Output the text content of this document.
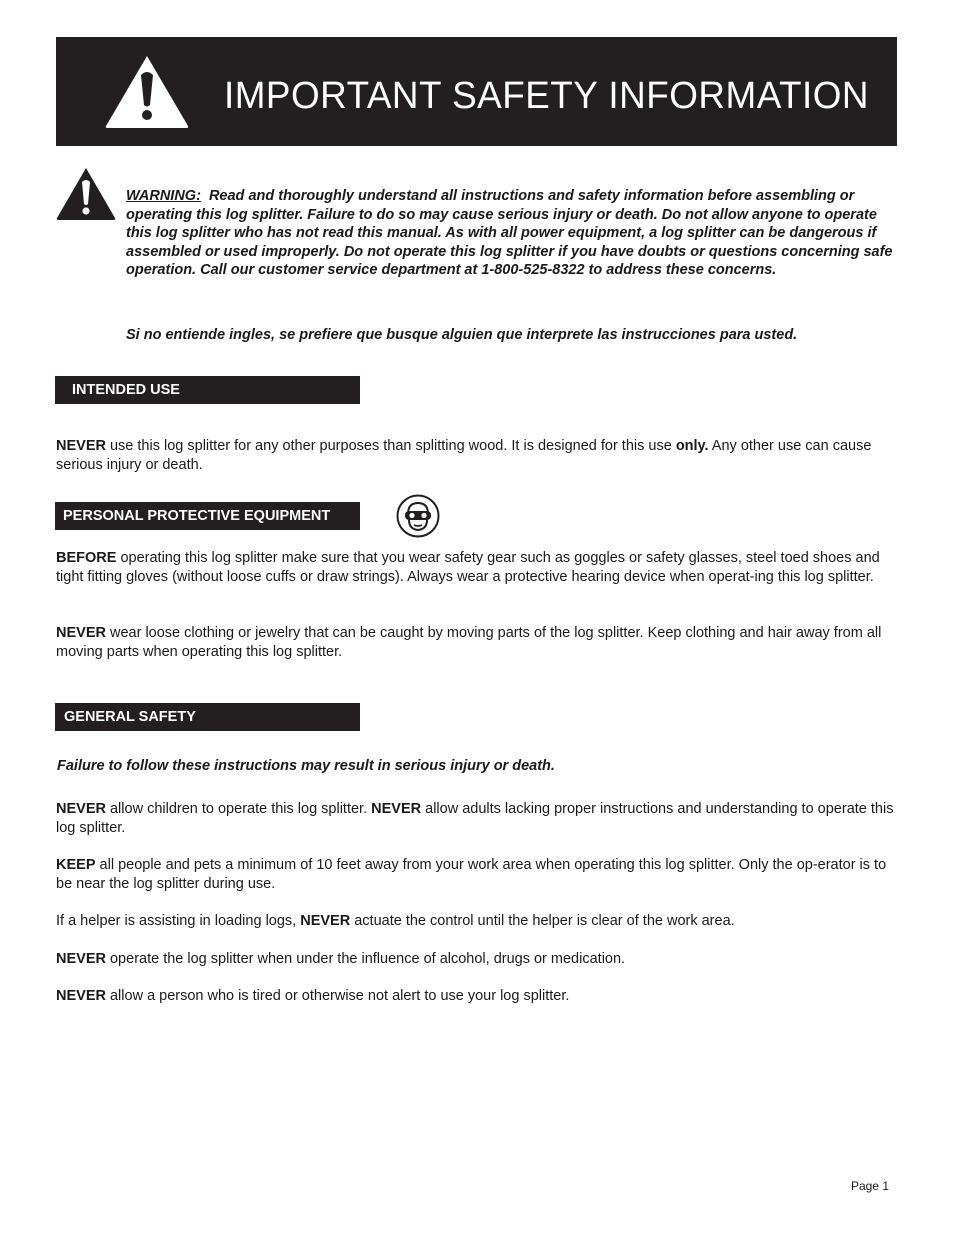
IMPORTANT SAFETY INFORMATION
WARNING: Read and thoroughly understand all instructions and safety information before assembling or operating this log splitter. Failure to do so may cause serious injury or death. Do not allow anyone to operate this log splitter who has not read this manual. As with all power equipment, a log splitter can be dangerous if assembled or used improperly. Do not operate this log splitter if you have doubts or questions concerning safe operation. Call our customer service department at 1-800-525-8322 to address these concerns.
Si no entiende ingles, se prefiere que busque alguien que interprete las instrucciones para usted.
INTENDED USE
NEVER use this log splitter for any other purposes than splitting wood. It is designed for this use only. Any other use can cause serious injury or death.
PERSONAL PROTECTIVE EQUIPMENT
BEFORE operating this log splitter make sure that you wear safety gear such as goggles or safety glasses, steel toed shoes and tight fitting gloves (without loose cuffs or draw strings). Always wear a protective hearing device when operat-ing this log splitter.
NEVER wear loose clothing or jewelry that can be caught by moving parts of the log splitter. Keep clothing and hair away from all moving parts when operating this log splitter.
GENERAL SAFETY
Failure to follow these instructions may result in serious injury or death.
NEVER allow children to operate this log splitter. NEVER allow adults lacking proper instructions and understanding to operate this log splitter.
KEEP all people and pets a minimum of 10 feet away from your work area when operating this log splitter. Only the op-erator is to be near the log splitter during use.
If a helper is assisting in loading logs, NEVER actuate the control until the helper is clear of the work area.
NEVER operate the log splitter when under the influence of alcohol, drugs or medication.
NEVER allow a person who is tired or otherwise not alert to use your log splitter.
Page 1
